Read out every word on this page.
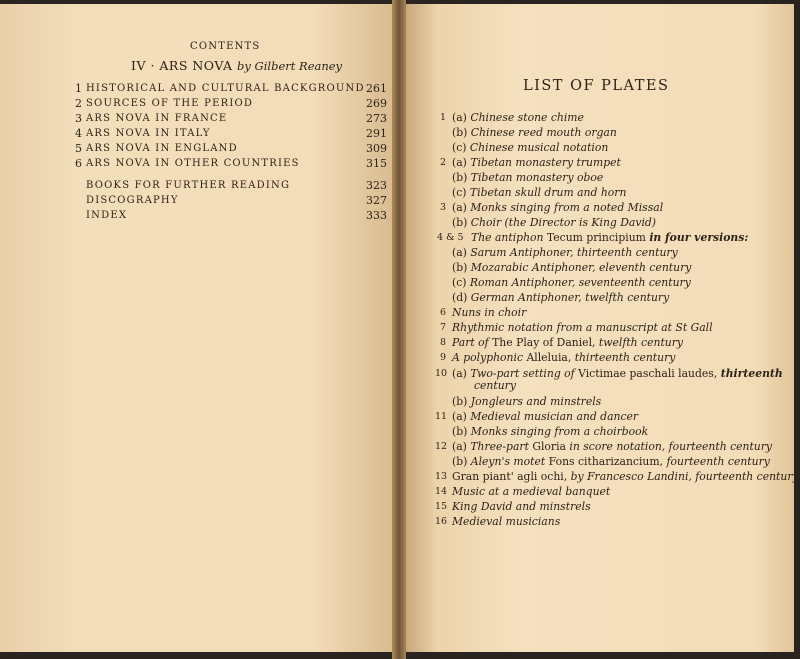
CONTENTS
IV · ARS NOVA by Gilbert Reaney
1 HISTORICAL AND CULTURAL BACKGROUND 261
2 SOURCES OF THE PERIOD	269
3 ARS NOVA IN FRANCE	273
4 ARS NOVA IN ITALY	291
5 ARS NOVA IN ENGLAND	309
6 ARS NOVA IN OTHER COUNTRIES	315
BOOKS FOR FURTHER READING	323
DISCOGRAPHY	327
INDEX	333
LIST OF PLATES
1 (a) Chinese stone chime
(b) Chinese reed mouth organ
(c) Chinese musical notation
2 (a) Tibetan monastery trumpet
(b) Tibetan monastery oboe
(c) Tibetan skull drum and horn
3 (a) Monks singing from a noted Missal
(b) Choir (the Director is King David)
4 & 5 The antiphon Tecum principium in four versions:
(a) Sarum Antiphoner, thirteenth century
(b) Mozarabic Antiphoner, eleventh century
(c) Roman Antiphoner, seventeenth century
(d) German Antiphoner, twelfth century
6 Nuns in choir
7 Rhythmic notation from a manuscript at St Gall
8 Part of The Play of Daniel, twelfth century
9 A polyphonic Alleluia, thirteenth century
10 (a) Two-part setting of Victimae paschali laudes, thirteenth
century
(b) Jongleurs and minstrels
11 (a) Medieval musician and dancer
(b) Monks singing from a choirbook
12 (a) Three-part Gloria in score notation, fourteenth century
(b) Aleyn's motet Fons citharizancium, fourteenth century
13 Gran piant' agli ochi, by Francesco Landini, fourteenth century
14 Music at a medieval banquet
15 King David and minstrels
16 Medieval musicians
